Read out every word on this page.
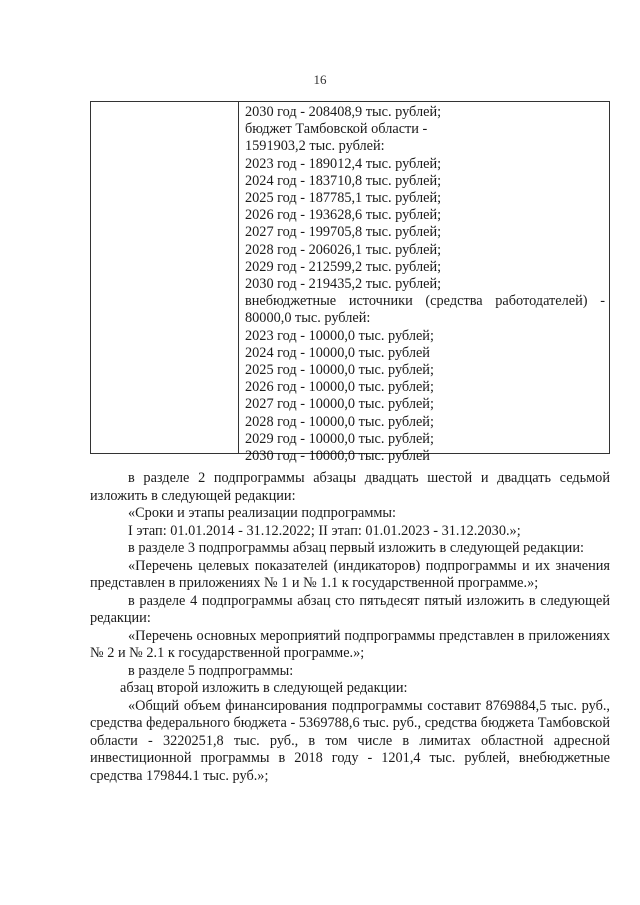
16
2030 год - 208408,9 тыс. рублей;
бюджет Тамбовской области -
1591903,2 тыс. рублей:
2023 год - 189012,4 тыс. рублей;
2024 год - 183710,8 тыс. рублей;
2025 год - 187785,1 тыс. рублей;
2026 год - 193628,6 тыс. рублей;
2027 год - 199705,8 тыс. рублей;
2028 год - 206026,1 тыс. рублей;
2029 год - 212599,2 тыс. рублей;
2030 год - 219435,2 тыс. рублей;
внебюджетные источники (средства работодателей) -
80000,0 тыс. рублей:
2023 год - 10000,0 тыс. рублей;
2024 год - 10000,0 тыс. рублей
2025 год - 10000,0 тыс. рублей;
2026 год - 10000,0 тыс. рублей;
2027 год - 10000,0 тыс. рублей;
2028 год - 10000,0 тыс. рублей;
2029 год - 10000,0 тыс. рублей;
2030 год - 10000,0 тыс. рублей

в разделе 2 подпрограммы абзацы двадцать шестой и двадцать седьмой изложить в следующей редакции:

«Сроки и этапы реализации подпрограммы:

I этап: 01.01.2014 - 31.12.2022; II этап: 01.01.2023 - 31.12.2030.»;

в разделе 3 подпрограммы абзац первый изложить в следующей редакции:

«Перечень целевых показателей (индикаторов) подпрограммы и их значения представлен в приложениях № 1 и № 1.1 к государственной программе.»;

в разделе 4 подпрограммы абзац сто пятьдесят пятый изложить в следующей редакции:

«Перечень основных мероприятий подпрограммы представлен в приложениях № 2 и № 2.1 к государственной программе.»;

в разделе 5 подпрограммы:

абзац второй изложить в следующей редакции:

«Общий объем финансирования подпрограммы составит 8769884,5 тыс. руб., средства федерального бюджета - 5369788,6 тыс. руб., средства бюджета Тамбовской области - 3220251,8 тыс. руб., в том числе в лимитах областной адресной инвестиционной программы в 2018 году - 1201,4 тыс. рублей, внебюджетные средства 179844.1 тыс. руб.»;
